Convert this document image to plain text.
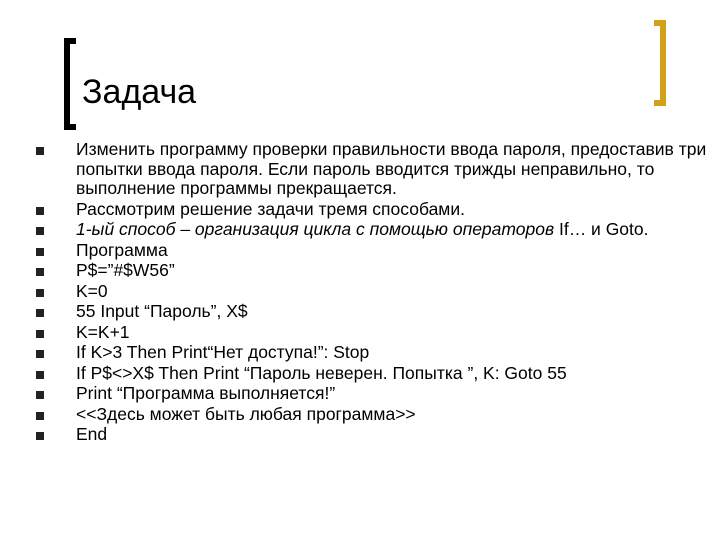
Задача
Изменить программу проверки правильности ввода пароля, предоставив три попытки ввода пароля. Если пароль вводится трижды неправильно, то выполнение программы прекращается.
Рассмотрим решение задачи тремя способами.
1-ый способ – организация цикла с помощью операторов If… и Goto.
Программа
P$=”#$W56”
K=0
55 Input “Пароль”, X$
K=K+1
If K>3 Then Print“Нет доступа!”: Stop
If P$<>X$ Then Print “Пароль неверен. Попытка ”, K: Goto 55
Print “Программа выполняется!”
<<Здесь может быть любая программа>>
End
